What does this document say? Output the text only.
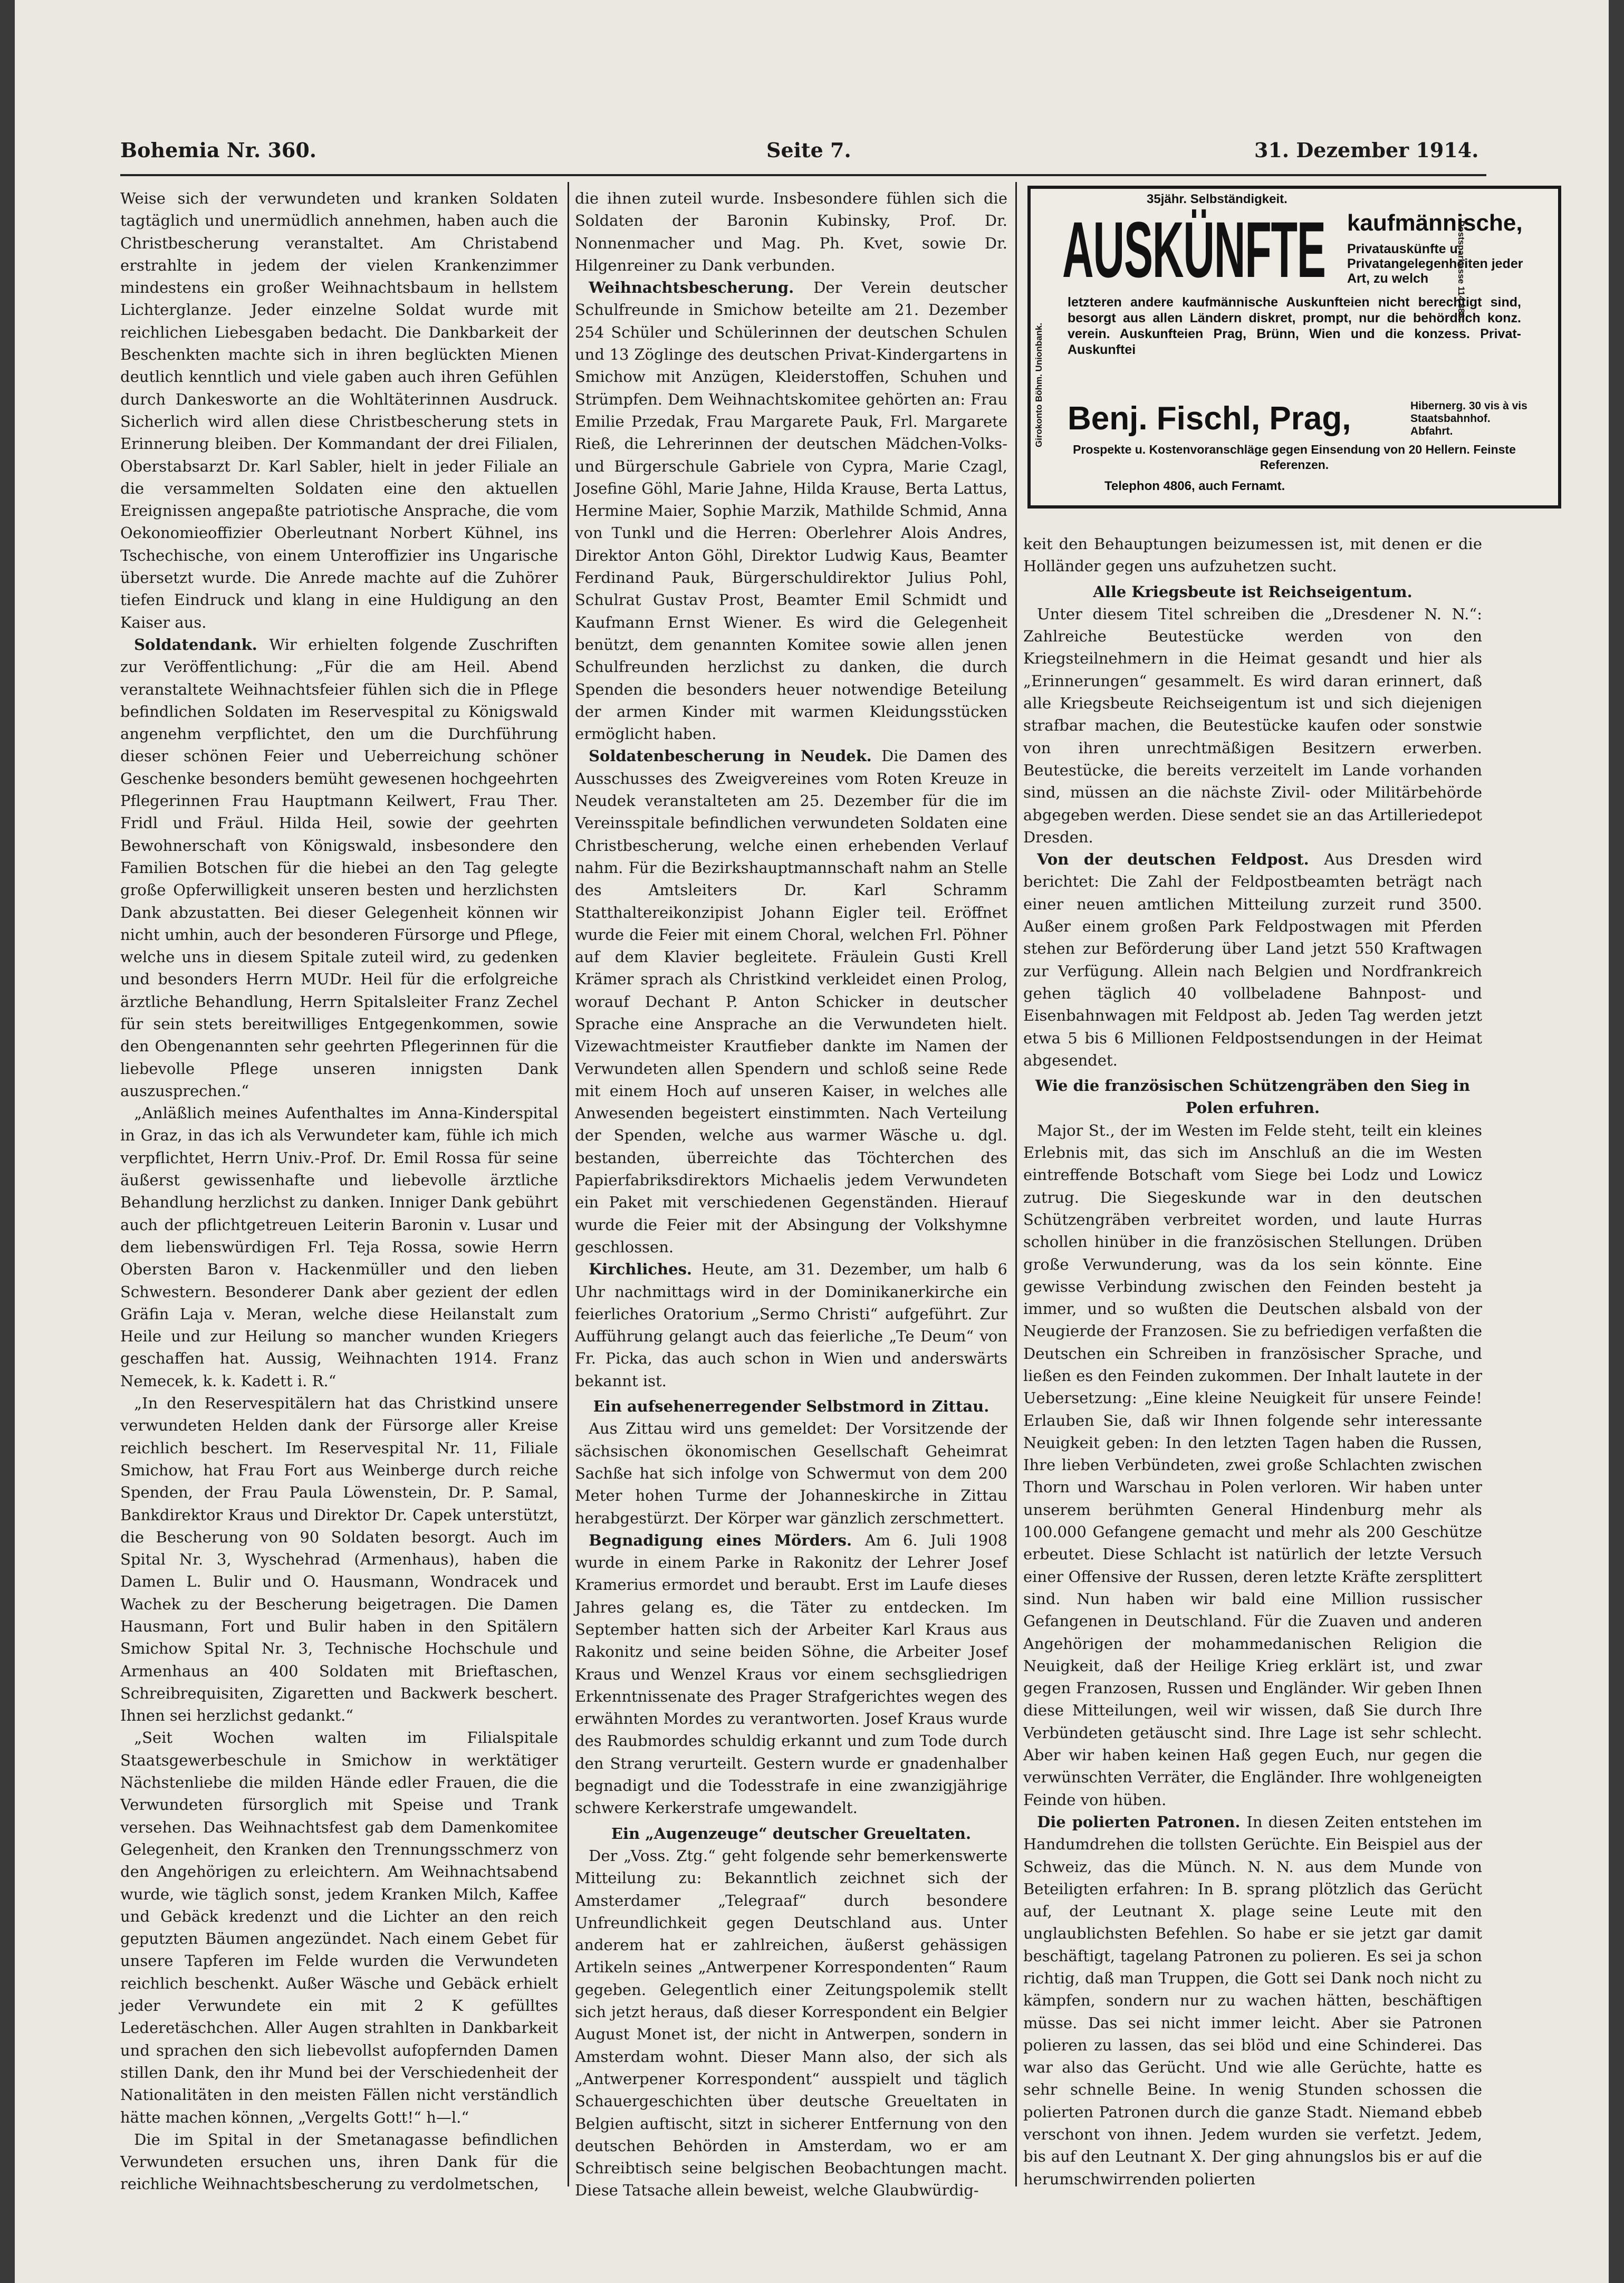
Bohemia Nr. 360.	Seite 7.	31. Dezember 1914.

Weise sich der verwundeten und kranken Soldaten tagtäglich und unermüdlich annehmen, haben auch die Christbescherung veranstaltet. Am Christabend erstrahlte in jedem der vielen Krankenzimmer mindestens ein großer Weihnachtsbaum in hellstem Lichterglanze. Jeder einzelne Soldat wurde mit reichlichen Liebesgaben bedacht. Die Dankbarkeit der Beschenkten machte sich in ihren beglückten Mienen deutlich kenntlich und viele gaben auch ihren Gefühlen durch Dankesworte an die Wohltäterinnen Ausdruck. Sicherlich wird allen diese Christbescherung stets in Erinnerung bleiben. Der Kommandant der drei Filialen, Oberstabsarzt Dr. Karl Sabler, hielt in jeder Filiale an die versammelten Soldaten eine den aktuellen Ereignissen angepaßte patriotische Ansprache, die vom Oekonomieoffizier Oberleutnant Norbert Kühnel, ins Tschechische, von einem Unteroffizier ins Ungarische übersetzt wurde. Die Anrede machte auf die Zuhörer tiefen Eindruck und klang in eine Huldigung an den Kaiser aus.

Soldatendank. Wir erhielten folgende Zuschriften zur Veröffentlichung: „Für die am Heil. Abend veranstaltete Weihnachtsfeier fühlen sich die in Pflege befindlichen Soldaten im Reservespital zu Königswald angenehm verpflichtet, den um die Durchführung dieser schönen Feier und Ueberreichung schöner Geschenke besonders bemüht gewesenen hochgeehrten Pflegerinnen Frau Hauptmann Keilwert, Frau Ther. Fridl und Fräul. Hilda Heil, sowie der geehrten Bewohnerschaft von Königswald, insbesondere den Familien Botschen für die hiebei an den Tag gelegte große Opferwilligkeit unseren besten und herzlichsten Dank abzustatten. Bei dieser Gelegenheit können wir nicht umhin, auch der besonderen Fürsorge und Pflege, welche uns in diesem Spitale zuteil wird, zu gedenken und besonders Herrn MUDr. Heil für die erfolgreiche ärztliche Behandlung, Herrn Spitalsleiter Franz Zechel für sein stets bereitwilliges Entgegenkommen, sowie den Obengenannten sehr geehrten Pflegerinnen für die liebevolle Pflege unseren innigsten Dank auszusprechen.“

„Anläßlich meines Aufenthaltes im Anna-Kinderspital in Graz, in das ich als Verwundeter kam, fühle ich mich verpflichtet, Herrn Univ.-Prof. Dr. Emil Rossa für seine äußerst gewissenhafte und liebevolle ärztliche Behandlung herzlichst zu danken. Inniger Dank gebührt auch der pflichtgetreuen Leiterin Baronin v. Lusar und dem liebenswürdigen Frl. Teja Rossa, sowie Herrn Obersten Baron v. Hackenmüller und den lieben Schwestern. Besonderer Dank aber gezient der edlen Gräfin Laja v. Meran, welche diese Heilanstalt zum Heile und zur Heilung so mancher wunden Kriegers geschaffen hat. Aussig, Weihnachten 1914. Franz Nemecek, k. k. Kadett i. R.“

„In den Reservespitälern hat das Christkind unsere verwundeten Helden dank der Fürsorge aller Kreise reichlich beschert. Im Reservespital Nr. 11, Filiale Smichow, hat Frau Fort aus Weinberge durch reiche Spenden, der Frau Paula Löwenstein, Dr. P. Samal, Bankdirektor Kraus und Direktor Dr. Capek unterstützt, die Bescherung von 90 Soldaten besorgt. Auch im Spital Nr. 3, Wyschehrad (Armenhaus), haben die Damen L. Bulir und O. Hausmann, Wondracek und Wachek zu der Bescherung beigetragen. Die Damen Hausmann, Fort und Bulir haben in den Spitälern Smichow Spital Nr. 3, Technische Hochschule und Armenhaus an 400 Soldaten mit Brieftaschen, Schreibrequisiten, Zigaretten und Backwerk beschert. Ihnen sei herzlichst gedankt.“

„Seit Wochen walten im Filialspitale Staatsgewerbeschule in Smichow in werktätiger Nächstenliebe die milden Hände edler Frauen, die die Verwundeten fürsorglich mit Speise und Trank versehen. Das Weihnachtsfest gab dem Damenkomitee Gelegenheit, den Kranken den Trennungsschmerz von den Angehörigen zu erleichtern. Am Weihnachtsabend wurde, wie täglich sonst, jedem Kranken Milch, Kaffee und Gebäck kredenzt und die Lichter an den reich geputzten Bäumen angezündet. Nach einem Gebet für unsere Tapferen im Felde wurden die Verwundeten reichlich beschenkt. Außer Wäsche und Gebäck erhielt jeder Verwundete ein mit 2 K gefülltes Lederetäschchen. Aller Augen strahlten in Dankbarkeit und sprachen den sich liebevollst aufopfernden Damen stillen Dank, den ihr Mund bei der Verschiedenheit der Nationalitäten in den meisten Fällen nicht verständlich hätte machen können, „Vergelts Gott!“ h—l.“

Die im Spital in der Smetanagasse befindlichen Verwundeten ersuchen uns, ihren Dank für die reichliche Weihnachtsbescherung zu verdolmetschen,

die ihnen zuteil wurde. Insbesondere fühlen sich die Soldaten der Baronin Kubinsky, Prof. Dr. Nonnenmacher und Mag. Ph. Kvet, sowie Dr. Hilgenreiner zu Dank verbunden.

Weihnachtsbescherung. Der Verein deutscher Schulfreunde in Smichow beteilte am 21. Dezember 254 Schüler und Schülerinnen der deutschen Schulen und 13 Zöglinge des deutschen Privat-Kindergartens in Smichow mit Anzügen, Kleiderstoffen, Schuhen und Strümpfen. Dem Weihnachtskomitee gehörten an: Frau Emilie Przedak, Frau Margarete Pauk, Frl. Margarete Rieß, die Lehrerinnen der deutschen Mädchen-Volks- und Bürgerschule Gabriele von Cypra, Marie Czagl, Josefine Göhl, Marie Jahne, Hilda Krause, Berta Lattus, Hermine Maier, Sophie Marzik, Mathilde Schmid, Anna von Tunkl und die Herren: Oberlehrer Alois Andres, Direktor Anton Göhl, Direktor Ludwig Kaus, Beamter Ferdinand Pauk, Bürgerschuldirektor Julius Pohl, Schulrat Gustav Prost, Beamter Emil Schmidt und Kaufmann Ernst Wiener. Es wird die Gelegenheit benützt, dem genannten Komitee sowie allen jenen Schulfreunden herzlichst zu danken, die durch Spenden die besonders heuer notwendige Beteilung der armen Kinder mit warmen Kleidungsstücken ermöglicht haben.

Soldatenbescherung in Neudek. Die Damen des Ausschusses des Zweigvereines vom Roten Kreuze in Neudek veranstalteten am 25. Dezember für die im Vereinsspitale befindlichen verwundeten Soldaten eine Christbescherung, welche einen erhebenden Verlauf nahm. Für die Bezirkshauptmannschaft nahm an Stelle des Amtsleiters Dr. Karl Schramm Statthaltereikonzipist Johann Eigler teil. Eröffnet wurde die Feier mit einem Choral, welchen Frl. Pöhner auf dem Klavier begleitete. Fräulein Gusti Krell Krämer sprach als Christkind verkleidet einen Prolog, worauf Dechant P. Anton Schicker in deutscher Sprache eine Ansprache an die Verwundeten hielt. Vizewachtmeister Krautfieber dankte im Namen der Verwundeten allen Spendern und schloß seine Rede mit einem Hoch auf unseren Kaiser, in welches alle Anwesenden begeistert einstimmten. Nach Verteilung der Spenden, welche aus warmer Wäsche u. dgl. bestanden, überreichte das Töchterchen des Papierfabriksdirektors Michaelis jedem Verwundeten ein Paket mit verschiedenen Gegenständen. Hierauf wurde die Feier mit der Absingung der Volkshymne geschlossen.

Kirchliches. Heute, am 31. Dezember, um halb 6 Uhr nachmittags wird in der Dominikanerkirche ein feierliches Oratorium „Sermo Christi“ aufgeführt. Zur Aufführung gelangt auch das feierliche „Te Deum“ von Fr. Picka, das auch schon in Wien und anderswärts bekannt ist.

Ein aufsehenerregender Selbstmord in Zittau.

Aus Zittau wird uns gemeldet: Der Vorsitzende der sächsischen ökonomischen Gesellschaft Geheimrat Sachße hat sich infolge von Schwermut von dem 200 Meter hohen Turme der Johanneskirche in Zittau herabgestürzt. Der Körper war gänzlich zerschmettert.

Begnadigung eines Mörders. Am 6. Juli 1908 wurde in einem Parke in Rakonitz der Lehrer Josef Kramerius ermordet und beraubt. Erst im Laufe dieses Jahres gelang es, die Täter zu entdecken. Im September hatten sich der Arbeiter Karl Kraus aus Rakonitz und seine beiden Söhne, die Arbeiter Josef Kraus und Wenzel Kraus vor einem sechsgliedrigen Erkenntnissenate des Prager Strafgerichtes wegen des erwähnten Mordes zu verantworten. Josef Kraus wurde des Raubmordes schuldig erkannt und zum Tode durch den Strang verurteilt. Gestern wurde er gnadenhalber begnadigt und die Todesstrafe in eine zwanzigjährige schwere Kerkerstrafe umgewandelt.

Ein „Augenzeuge“ deutscher Greueltaten.

Der „Voss. Ztg.“ geht folgende sehr bemerkenswerte Mitteilung zu: Bekanntlich zeichnet sich der Amsterdamer „Telegraaf“ durch besondere Unfreundlichkeit gegen Deutschland aus. Unter anderem hat er zahlreichen, äußerst gehässigen Artikeln seines „Antwerpener Korrespondenten“ Raum gegeben. Gelegentlich einer Zeitungspolemik stellt sich jetzt heraus, daß dieser Korrespondent ein Belgier August Monet ist, der nicht in Antwerpen, sondern in Amsterdam wohnt. Dieser Mann also, der sich als „Antwerpener Korrespondent“ ausspielt und täglich Schauergeschichten über deutsche Greueltaten in Belgien auftischt, sitzt in sicherer Entfernung von den deutschen Behörden in Amsterdam, wo er am Schreibtisch seine belgischen Beobachtungen macht. Diese Tatsache allein beweist, welche Glaubwürdig-

35jähr. Selbständigkeit.
AUSKÜNFTE kaufmännische,
Privatauskünfte u. Privatangelegenheiten jeder Art, zu welch
letzteren andere kaufmännische Auskunfteien nicht berechtigt sind, besorgt aus allen Ländern diskret, prompt, nur die behördlich konz. verein. Auskunfteien Prag, Brünn, Wien und die konzess. Privat-Auskunftei
Benj. Fischl, Prag,	Hibernerg. 30 vis à vis Staatsbahnhof. Abfahrt.
Prospekte u. Kostenvoranschläge gegen Einsendung von 20 Hellern. Feinste Referenzen.
Telephon 4806, auch Fernamt.
Girokonto Böhm. Unionbank.
Postsparkasse 114.886.

keit den Behauptungen beizumessen ist, mit denen er die Holländer gegen uns aufzuhetzen sucht.

Alle Kriegsbeute ist Reichseigentum.

Unter diesem Titel schreiben die „Dresdener N. N.“: Zahlreiche Beutestücke werden von den Kriegsteilnehmern in die Heimat gesandt und hier als „Erinnerungen“ gesammelt. Es wird daran erinnert, daß alle Kriegsbeute Reichseigentum ist und sich diejenigen strafbar machen, die Beutestücke kaufen oder sonstwie von ihren unrechtmäßigen Besitzern erwerben. Beutestücke, die bereits verzeitelt im Lande vorhanden sind, müssen an die nächste Zivil- oder Militärbehörde abgegeben werden. Diese sendet sie an das Artilleriedepot Dresden.

Von der deutschen Feldpost. Aus Dresden wird berichtet: Die Zahl der Feldpostbeamten beträgt nach einer neuen amtlichen Mitteilung zurzeit rund 3500. Außer einem großen Park Feldpostwagen mit Pferden stehen zur Beförderung über Land jetzt 550 Kraftwagen zur Verfügung. Allein nach Belgien und Nordfrankreich gehen täglich 40 vollbeladene Bahnpost- und Eisenbahnwagen mit Feldpost ab. Jeden Tag werden jetzt etwa 5 bis 6 Millionen Feldpostsendungen in der Heimat abgesendet.

Wie die französischen Schützengräben den Sieg in Polen erfuhren.

Major St., der im Westen im Felde steht, teilt ein kleines Erlebnis mit, das sich im Anschluß an die im Westen eintreffende Botschaft vom Siege bei Lodz und Lowicz zutrug. Die Siegeskunde war in den deutschen Schützengräben verbreitet worden, und laute Hurras schollen hinüber in die französischen Stellungen. Drüben große Verwunderung, was da los sein könnte. Eine gewisse Verbindung zwischen den Feinden besteht ja immer, und so wußten die Deutschen alsbald von der Neugierde der Franzosen. Sie zu befriedigen verfaßten die Deutschen ein Schreiben in französischer Sprache, und ließen es den Feinden zukommen. Der Inhalt lautete in der Uebersetzung: „Eine kleine Neuigkeit für unsere Feinde! Erlauben Sie, daß wir Ihnen folgende sehr interessante Neuigkeit geben: In den letzten Tagen haben die Russen, Ihre lieben Verbündeten, zwei große Schlachten zwischen Thorn und Warschau in Polen verloren. Wir haben unter unserem berühmten General Hindenburg mehr als 100.000 Gefangene gemacht und mehr als 200 Geschütze erbeutet. Diese Schlacht ist natürlich der letzte Versuch einer Offensive der Russen, deren letzte Kräfte zersplittert sind. Nun haben wir bald eine Million russischer Gefangenen in Deutschland. Für die Zuaven und anderen Angehörigen der mohammedanischen Religion die Neuigkeit, daß der Heilige Krieg erklärt ist, und zwar gegen Franzosen, Russen und Engländer. Wir geben Ihnen diese Mitteilungen, weil wir wissen, daß Sie durch Ihre Verbündeten getäuscht sind. Ihre Lage ist sehr schlecht. Aber wir haben keinen Haß gegen Euch, nur gegen die verwünschten Verräter, die Engländer. Ihre wohlgeneigten Feinde von hüben.

Die polierten Patronen. In diesen Zeiten entstehen im Handumdrehen die tollsten Gerüchte. Ein Beispiel aus der Schweiz, das die Münch. N. N. aus dem Munde von Beteiligten erfahren: In B. sprang plötzlich das Gerücht auf, der Leutnant X. plage seine Leute mit den unglaublichsten Befehlen. So habe er sie jetzt gar damit beschäftigt, tagelang Patronen zu polieren. Es sei ja schon richtig, daß man Truppen, die Gott sei Dank noch nicht zu kämpfen, sondern nur zu wachen hätten, beschäftigen müsse. Das sei nicht immer leicht. Aber sie Patronen polieren zu lassen, das sei blöd und eine Schinderei. Das war also das Gerücht. Und wie alle Gerüchte, hatte es sehr schnelle Beine. In wenig Stunden schossen die polierten Patronen durch die ganze Stadt. Niemand ebbeb verschont von ihnen. Jedem wurden sie verfetzt. Jedem, bis auf den Leutnant X. Der ging ahnungslos bis er auf die herumschwirrenden polierten
